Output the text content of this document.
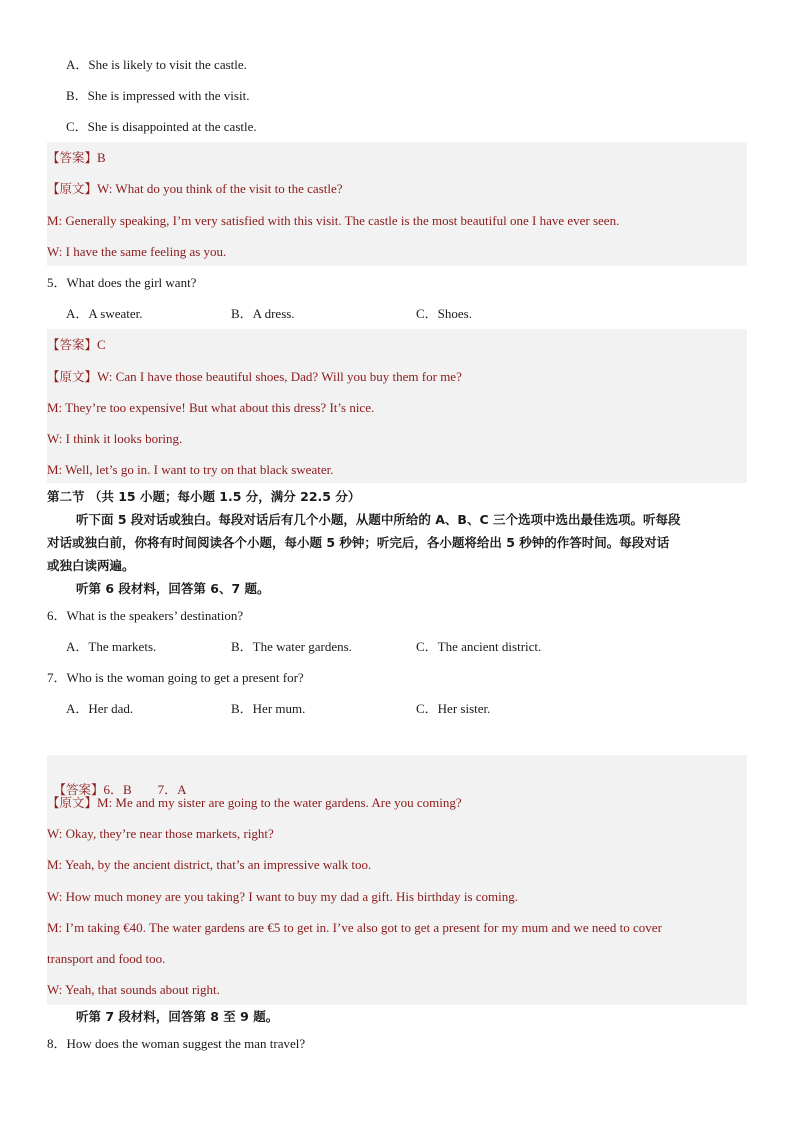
A．She is likely to visit the castle.
B．She is impressed with the visit.
C．She is disappointed at the castle.
【答案】B
【原文】W: What do you think of the visit to the castle?
M: Generally speaking, I’m very satisfied with this visit. The castle is the most beautiful one I have ever seen.
W: I have the same feeling as you.
5．What does the girl want?
A．A sweater.	B．A dress.	C．Shoes.
【答案】C
【原文】W: Can I have those beautiful shoes, Dad? Will you buy them for me?
M: They’re too expensive! But what about this dress? It’s nice.
W: I think it looks boring.
M: Well, let’s go in. I want to try on that black sweater.
第二节 （共 15 小题；每小题 1.5 分，满分 22.5 分）
听下面 5 段对话或独白。每段对话后有几个小题，从题中所给的 A、B、C 三个选项中选出最佳选项。听每段
对话或独白前，你将有时间阅读各个小题，每小题 5 秒钟；听完后，各小题将给出 5 秒钟的作答时间。每段对话
或独白读两遍。
听第 6 段材料，回答第 6、7 题。
6．What is the speakers’ destination?
A．The markets.	B．The water gardens.	C．The ancient district.
7．Who is the woman going to get a present for?
A．Her dad.	B．Her mum.	C．Her sister.

【答案】6．B        7．A

【原文】M: Me and my sister are going to the water gardens. Are you coming?
W: Okay, they’re near those markets, right?
M: Yeah, by the ancient district, that’s an impressive walk too.
W: How much money are you taking? I want to buy my dad a gift. His birthday is coming.
M: I’m taking €40. The water gardens are €5 to get in. I’ve also got to get a present for my mum and we need to cover
transport and food too.
W: Yeah, that sounds about right.
听第 7 段材料，回答第 8 至 9 题。
8．How does the woman suggest the man travel?
